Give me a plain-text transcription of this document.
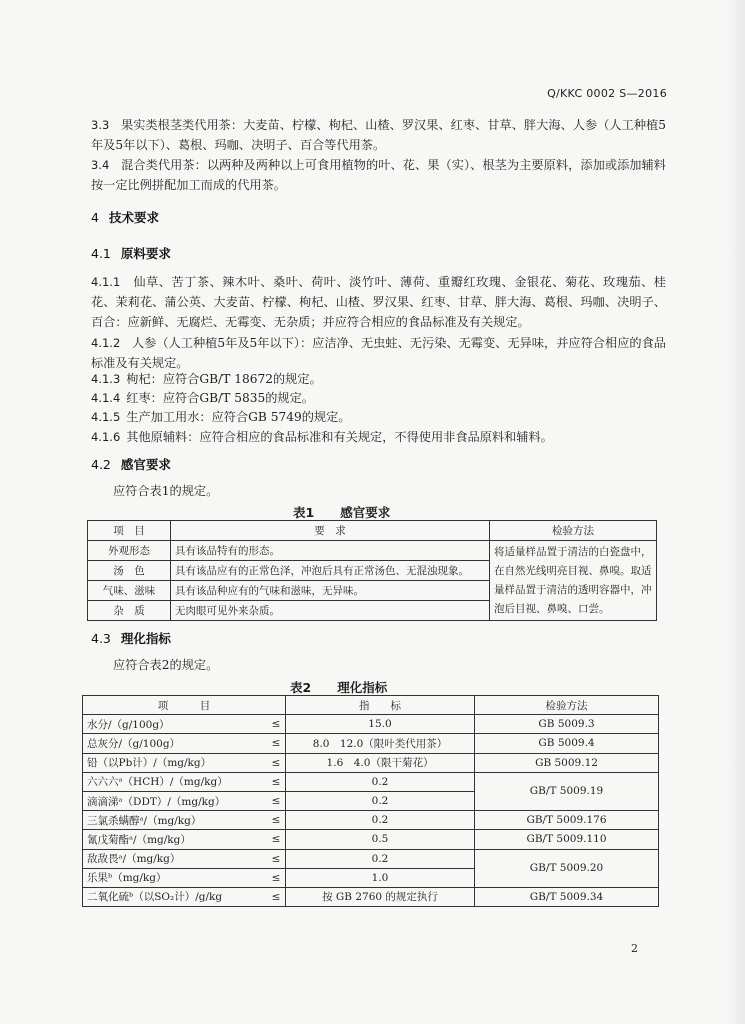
Q/KKC 0002 S—2016
3.3 果实类根茎类代用茶：大麦苗、柠檬、枸杞、山楂、罗汉果、红枣、甘草、胖大海、人参（人工种植5年及5年以下）、葛根、玛咖、决明子、百合等代用茶。
3.4 混合类代用茶：以两种及两种以上可食用植物的叶、花、果（实）、根茎为主要原料，添加或添加辅料按一定比例拼配加工而成的代用茶。
4 技术要求
4.1 原料要求
4.1.1 仙草、苦丁茶、辣木叶、桑叶、荷叶、淡竹叶、薄荷、重瓣红玫瑰、金银花、菊花、玫瑰茄、桂花、茉莉花、蒲公英、大麦苗、柠檬、枸杞、山楂、罗汉果、红枣、甘草、胖大海、葛根、玛咖、决明子、百合：应新鲜、无腐烂、无霉变、无杂质；并应符合相应的食品标准及有关规定。
4.1.2 人参（人工种植5年及5年以下）：应洁净、无虫蛀、无污染、无霉变、无异味，并应符合相应的食品标准及有关规定。
4.1.3 枸杞：应符合GB/T 18672的规定。
4.1.4 红枣：应符合GB/T 5835的规定。
4.1.5 生产加工用水：应符合GB 5749的规定。
4.1.6 其他原辅料：应符合相应的食品标准和有关规定，不得使用非食品原料和辅料。
4.2 感官要求
应符合表1的规定。
表1 感官要求
项　目	要　求	检验方法
外观形态	具有该品特有的形态。	将适量样品置于清洁的白瓷盘中，在自然光线明亮目视、鼻嗅。取适量样品置于清洁的透明容器中，冲泡后目视、鼻嗅、口尝。
汤　色	具有该品应有的正常色泽，冲泡后具有正常汤色、无混浊现象。	
气味、滋味	具有该品种应有的气味和滋味，无异味。	
杂　质	无肉眼可见外来杂质。	
4.3 理化指标
应符合表2的规定。
表2 理化指标
项　　　目		指　　标	检验方法
水分/（g/100g）	≤	15.0	GB 5009.3
总灰分/（g/100g）	≤	8.0　12.0（限叶类代用茶）	GB 5009.4
铅（以Pb计）/（mg/kg）	≤	1.6　4.0（限干菊花）	GB 5009.12
六六六ᵃ（HCH）/（mg/kg）	≤	0.2	GB/T 5009.19
滴滴涕ᵃ（DDT）/（mg/kg）	≤	0.2	
三氯杀螨醇ᵃ/（mg/kg）	≤	0.2	GB/T 5009.176
氰戊菊酯ᵃ/（mg/kg）	≤	0.5	GB/T 5009.110
敌敌畏ᵃ/（mg/kg）	≤	0.2	GB/T 5009.20
乐果ᵇ（mg/kg）	≤	1.0	
二氧化硫ᵇ（以SO₂计）/g/kg	≤	按 GB 2760 的规定执行	GB/T 5009.34
2
